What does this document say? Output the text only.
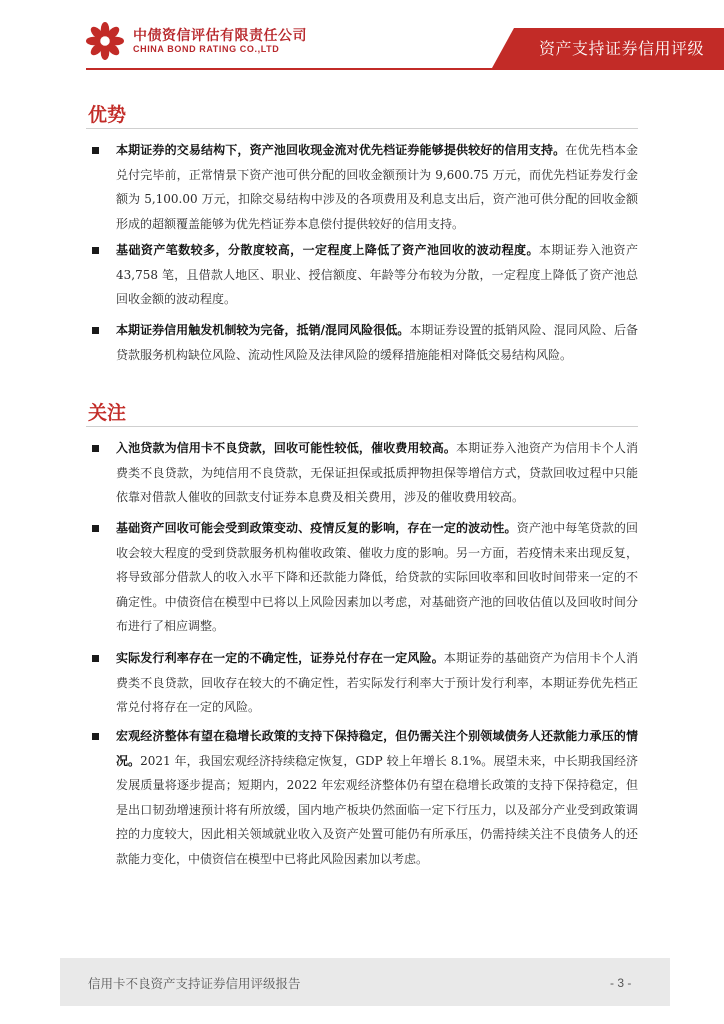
中债资信评估有限责任公司
CHINA BOND RATING CO.,LTD	资产支持证券信用评级
优势
本期证券的交易结构下，资产池回收现金流对优先档证券能够提供较好的信用支持。在优先档本金兑付完毕前，正常情景下资产池可供分配的回收金额预计为 9,600.75 万元，而优先档证券发行金额为 5,100.00 万元，扣除交易结构中涉及的各项费用及利息支出后，资产池可供分配的回收金额形成的超额覆盖能够为优先档证券本息偿付提供较好的信用支持。
基础资产笔数较多，分散度较高，一定程度上降低了资产池回收的波动程度。本期证券入池资产 43,758 笔，且借款人地区、职业、授信额度、年龄等分布较为分散，一定程度上降低了资产池总回收金额的波动程度。
本期证券信用触发机制较为完备，抵销/混同风险很低。本期证券设置的抵销风险、混同风险、后备贷款服务机构缺位风险、流动性风险及法律风险的缓释措施能相对降低交易结构风险。
关注
入池贷款为信用卡不良贷款，回收可能性较低，催收费用较高。本期证券入池资产为信用卡个人消费类不良贷款，为纯信用不良贷款，无保证担保或抵质押物担保等增信方式，贷款回收过程中只能依靠对借款人催收的回款支付证券本息费及相关费用，涉及的催收费用较高。
基础资产回收可能会受到政策变动、疫情反复的影响，存在一定的波动性。资产池中每笔贷款的回收会较大程度的受到贷款服务机构催收政策、催收力度的影响。另一方面，若疫情未来出现反复，将导致部分借款人的收入水平下降和还款能力降低，给贷款的实际回收率和回收时间带来一定的不确定性。中债资信在模型中已将以上风险因素加以考虑，对基础资产池的回收估值以及回收时间分布进行了相应调整。
实际发行利率存在一定的不确定性，证券兑付存在一定风险。本期证券的基础资产为信用卡个人消费类不良贷款，回收存在较大的不确定性，若实际发行利率大于预计发行利率，本期证券优先档正常兑付将存在一定的风险。
宏观经济整体有望在稳增长政策的支持下保持稳定，但仍需关注个别领域债务人还款能力承压的情况。2021 年，我国宏观经济持续稳定恢复，GDP 较上年增长 8.1%。展望未来，中长期我国经济发展质量将逐步提高；短期内，2022 年宏观经济整体仍有望在稳增长政策的支持下保持稳定，但是出口韧劲增速预计将有所放缓，国内地产板块仍然面临一定下行压力，以及部分产业受到政策调控的力度较大，因此相关领域就业收入及资产处置可能仍有所承压，仍需持续关注不良债务人的还款能力变化，中债资信在模型中已将此风险因素加以考虑。
信用卡不良资产支持证券信用评级报告	- 3 -
